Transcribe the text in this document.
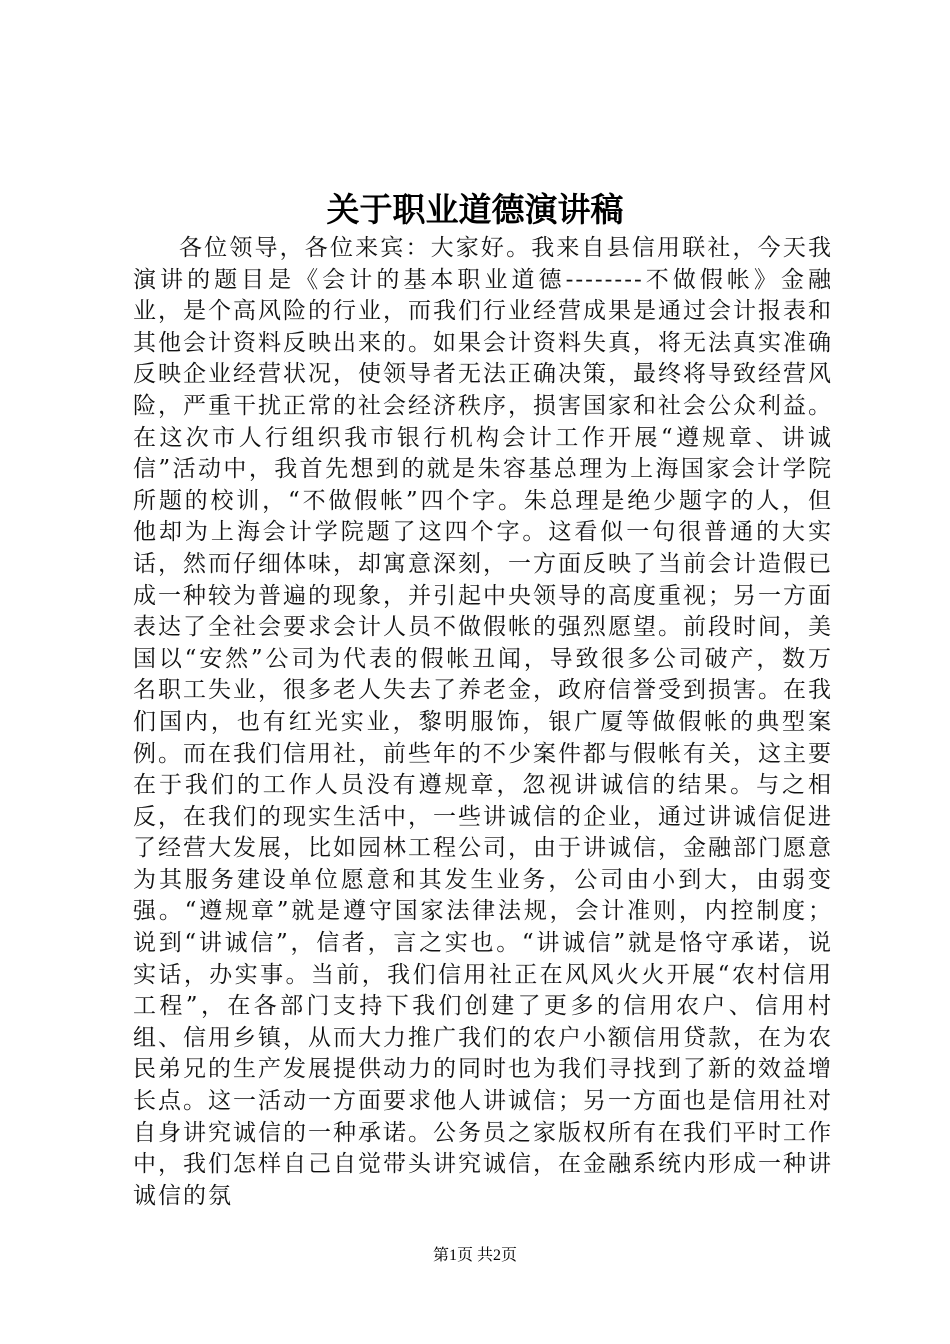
关于职业道德演讲稿

各位领导，各位来宾：大家好。我来自县信用联社，今天我演讲的题目是《会计的基本职业道德--------不做假帐》金融业，是个高风险的行业，而我们行业经营成果是通过会计报表和其他会计资料反映出来的。如果会计资料失真，将无法真实准确反映企业经营状况，使领导者无法正确决策，最终将导致经营风险，严重干扰正常的社会经济秩序，损害国家和社会公众利益。在这次市人行组织我市银行机构会计工作开展“遵规章、讲诚信”活动中，我首先想到的就是朱容基总理为上海国家会计学院所题的校训，“不做假帐”四个字。朱总理是绝少题字的人，但他却为上海会计学院题了这四个字。这看似一句很普通的大实话，然而仔细体味，却寓意深刻，一方面反映了当前会计造假已成一种较为普遍的现象，并引起中央领导的高度重视；另一方面表达了全社会要求会计人员不做假帐的强烈愿望。前段时间，美国以“安然”公司为代表的假帐丑闻，导致很多公司破产，数万名职工失业，很多老人失去了养老金，政府信誉受到损害。在我们国内，也有红光实业，黎明服饰，银广厦等做假帐的典型案例。而在我们信用社，前些年的不少案件都与假帐有关，这主要在于我们的工作人员没有遵规章，忽视讲诚信的结果。与之相反，在我们的现实生活中，一些讲诚信的企业，通过讲诚信促进了经营大发展，比如园林工程公司，由于讲诚信，金融部门愿意为其服务建设单位愿意和其发生业务，公司由小到大，由弱变强。“遵规章”就是遵守国家法律法规，会计准则，内控制度；说到“讲诚信”，信者，言之实也。“讲诚信”就是恪守承诺，说实话，办实事。当前，我们信用社正在风风火火开展“农村信用工程”，在各部门支持下我们创建了更多的信用农户、信用村组、信用乡镇，从而大力推广我们的农户小额信用贷款，在为农民弟兄的生产发展提供动力的同时也为我们寻找到了新的效益增长点。这一活动一方面要求他人讲诚信；另一方面也是信用社对自身讲究诚信的一种承诺。公务员之家版权所有在我们平时工作中，我们怎样自己自觉带头讲究诚信，在金融系统内形成一种讲诚信的氛

第1页 共2页
